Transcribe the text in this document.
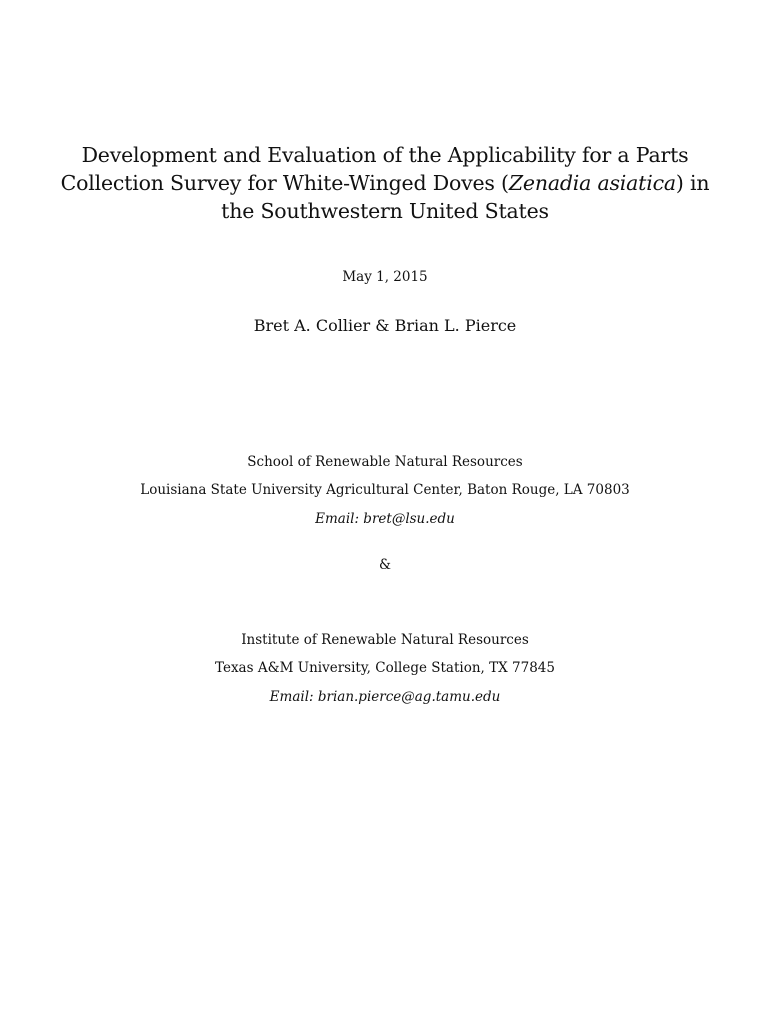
Development and Evaluation of the Applicability for a Parts
Collection Survey for White-Winged Doves (Zenadia asiatica) in
the Southwestern United States
May 1, 2015
Bret A. Collier & Brian L. Pierce
School of Renewable Natural Resources
Louisiana State University Agricultural Center, Baton Rouge, LA 70803
Email: bret@lsu.edu
&
Institute of Renewable Natural Resources
Texas A&M University, College Station, TX 77845
Email: brian.pierce@ag.tamu.edu
